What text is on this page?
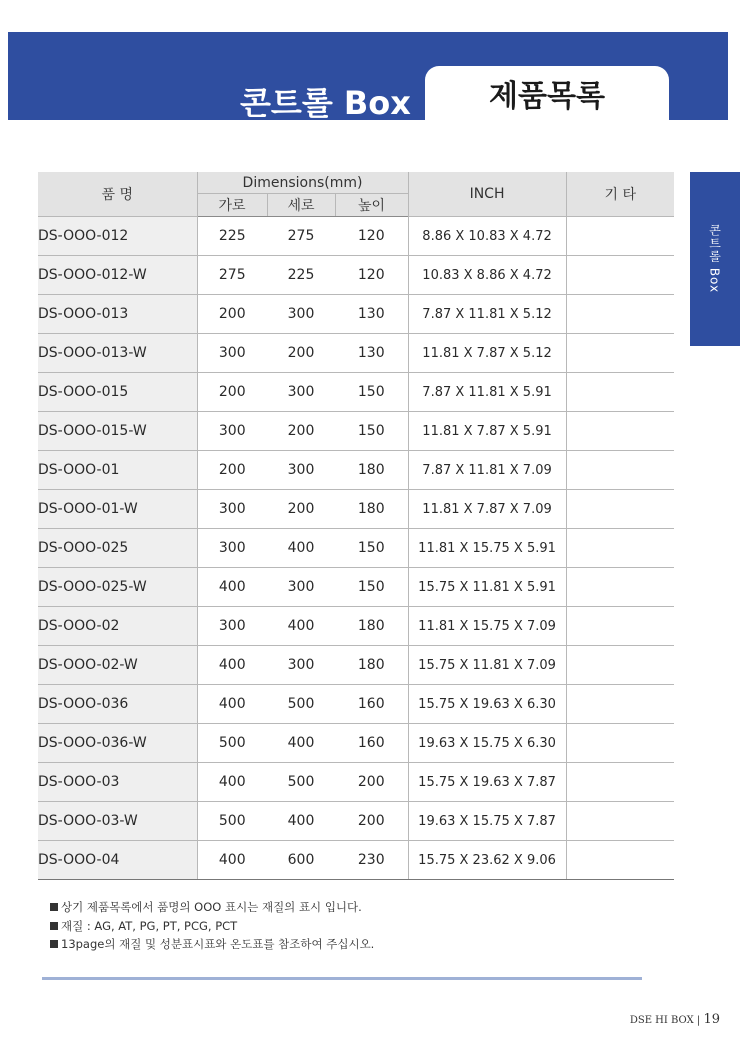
콘트롤 Box	제품목록
콘트롤 Box
품 명	Dimensions(mm)			INCH	기 타
	가로	세로	높이		
DS-OOO-012	225	275	120	8.86 X 10.83 X 4.72	
DS-OOO-012-W	275	225	120	10.83 X 8.86 X 4.72	
DS-OOO-013	200	300	130	7.87 X 11.81 X 5.12	
DS-OOO-013-W	300	200	130	11.81 X 7.87 X 5.12	
DS-OOO-015	200	300	150	7.87 X 11.81 X 5.91	
DS-OOO-015-W	300	200	150	11.81 X 7.87 X 5.91	
DS-OOO-01	200	300	180	7.87 X 11.81 X 7.09	
DS-OOO-01-W	300	200	180	11.81 X 7.87 X 7.09	
DS-OOO-025	300	400	150	11.81 X 15.75 X 5.91	
DS-OOO-025-W	400	300	150	15.75 X 11.81 X 5.91	
DS-OOO-02	300	400	180	11.81 X 15.75 X 7.09	
DS-OOO-02-W	400	300	180	15.75 X 11.81 X 7.09	
DS-OOO-036	400	500	160	15.75 X 19.63 X 6.30	
DS-OOO-036-W	500	400	160	19.63 X 15.75 X 6.30	
DS-OOO-03	400	500	200	15.75 X 19.63 X 7.87	
DS-OOO-03-W	500	400	200	19.63 X 15.75 X 7.87	
DS-OOO-04	400	600	230	15.75 X 23.62 X 9.06	
상기 제품목록에서 품명의 OOO 표시는 재질의 표시 입니다.
재질 : AG, AT, PG, PT, PCG, PCT
13page의 재질 및 성분표시표와 온도표를 참조하여 주십시오.
DSE HI BOX | 19
